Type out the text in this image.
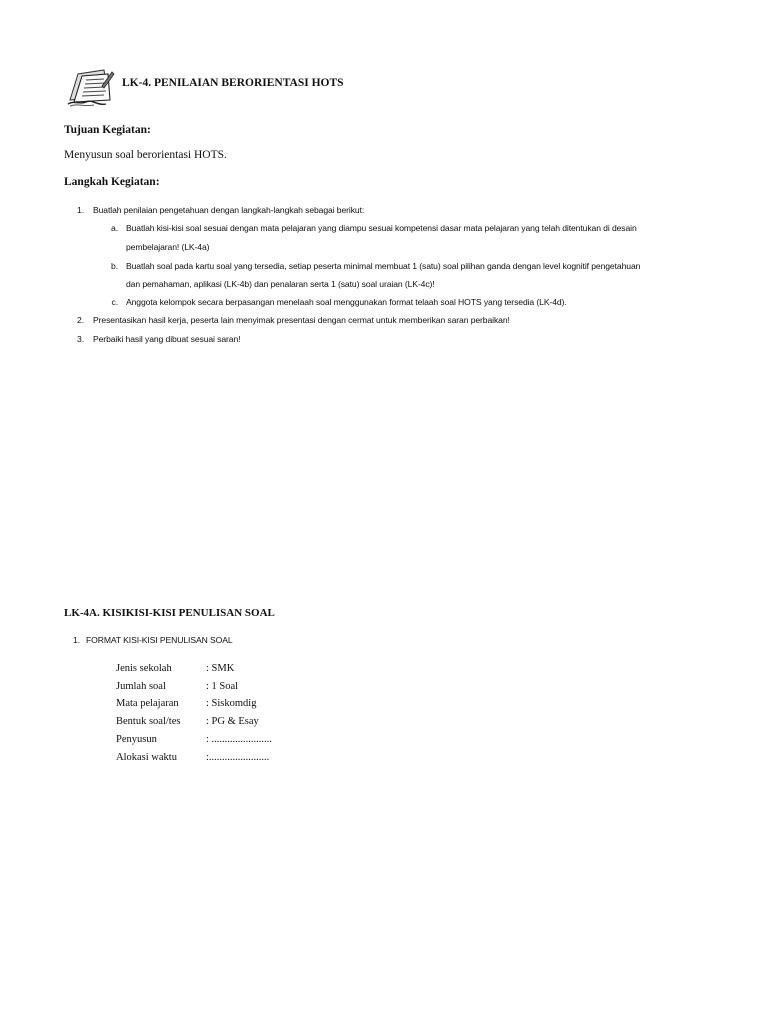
LK-4. PENILAIAN BERORIENTASI HOTS
Tujuan Kegiatan:
Menyusun soal berorientasi HOTS.
Langkah Kegiatan:
1. Buatlah penilaian pengetahuan dengan langkah-langkah sebagai berikut:
a. Buatlah kisi-kisi soal sesuai dengan mata pelajaran yang diampu sesuai kompetensi dasar mata pelajaran yang telah ditentukan di desain
pembelajaran! (LK-4a)
b. Buatlah soal pada kartu soal yang tersedia, setiap peserta minimal membuat 1 (satu) soal pilihan ganda dengan level kognitif pengetahuan
dan pemahaman, aplikasi (LK-4b) dan penalaran serta 1 (satu) soal uraian (LK-4c)!
c. Anggota kelompok secara berpasangan menelaah soal menggunakan format telaah soal HOTS yang tersedia (LK-4d).
2. Presentasikan hasil kerja, peserta lain menyimak presentasi dengan cermat untuk memberikan saran perbaikan!
3. Perbaiki hasil yang dibuat sesuai saran!
LK-4A. KISIKISI-KISI PENULISAN SOAL
1. FORMAT KISI-KISI PENULISAN SOAL
Jenis sekolah	: SMK
Jumlah soal	: 1 Soal
Mata pelajaran	: Siskomdig
Bentuk soal/tes : PG & Esay
Penyusun	: .......................
Alokasi waktu	:.......................
